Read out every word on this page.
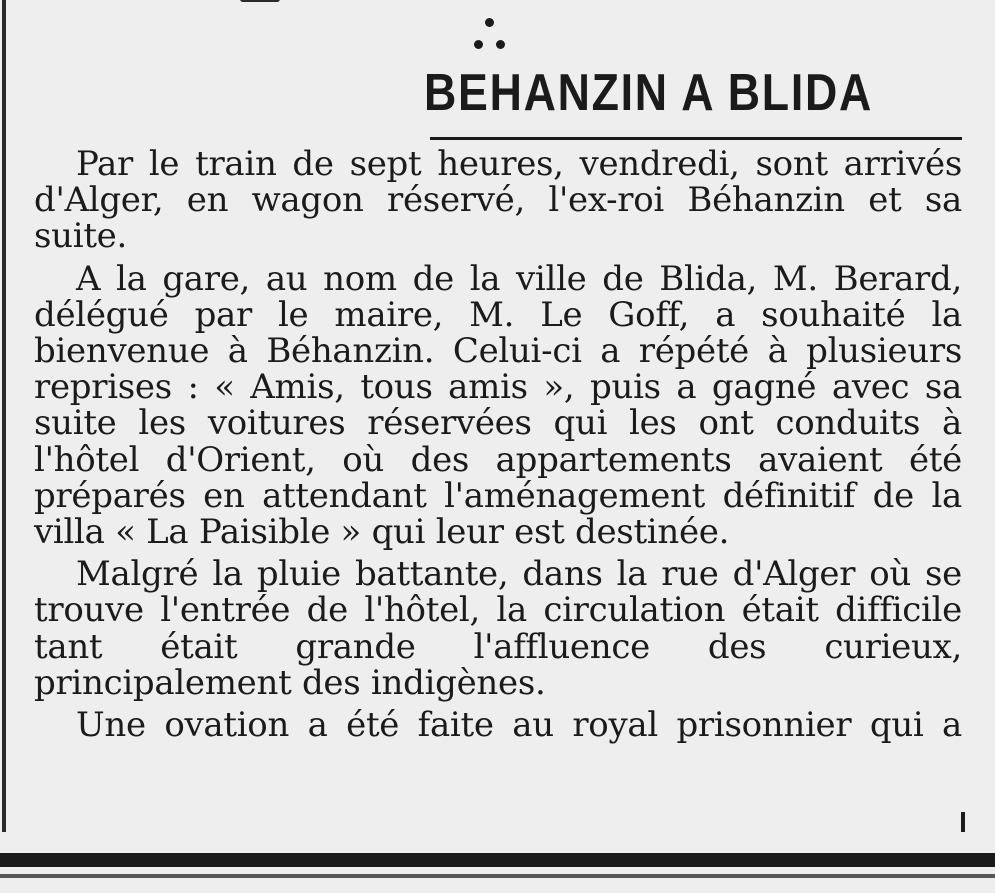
BEHANZIN A BLIDA

Par le train de sept heures, vendredi, sont arrivés d'Alger, en wagon réservé, l'ex-roi Béhanzin et sa suite.

A la gare, au nom de la ville de Blida, M. Berard, délégué par le maire, M. Le Goff, a souhaité la bienvenue à Béhanzin. Celui-ci a répété à plusieurs reprises : « Amis, tous amis », puis a gagné avec sa suite les voitures réservées qui les ont conduits à l'hôtel d'Orient, où des appartements avaient été préparés en attendant l'aménagement définitif de la villa « La Paisible » qui leur est destinée.

Malgré la pluie battante, dans la rue d'Alger où se trouve l'entrée de l'hôtel, la circulation était difficile tant était grande l'affluence des curieux, principalement des indigènes.

Une ovation a été faite au royal prisonnier qui a
